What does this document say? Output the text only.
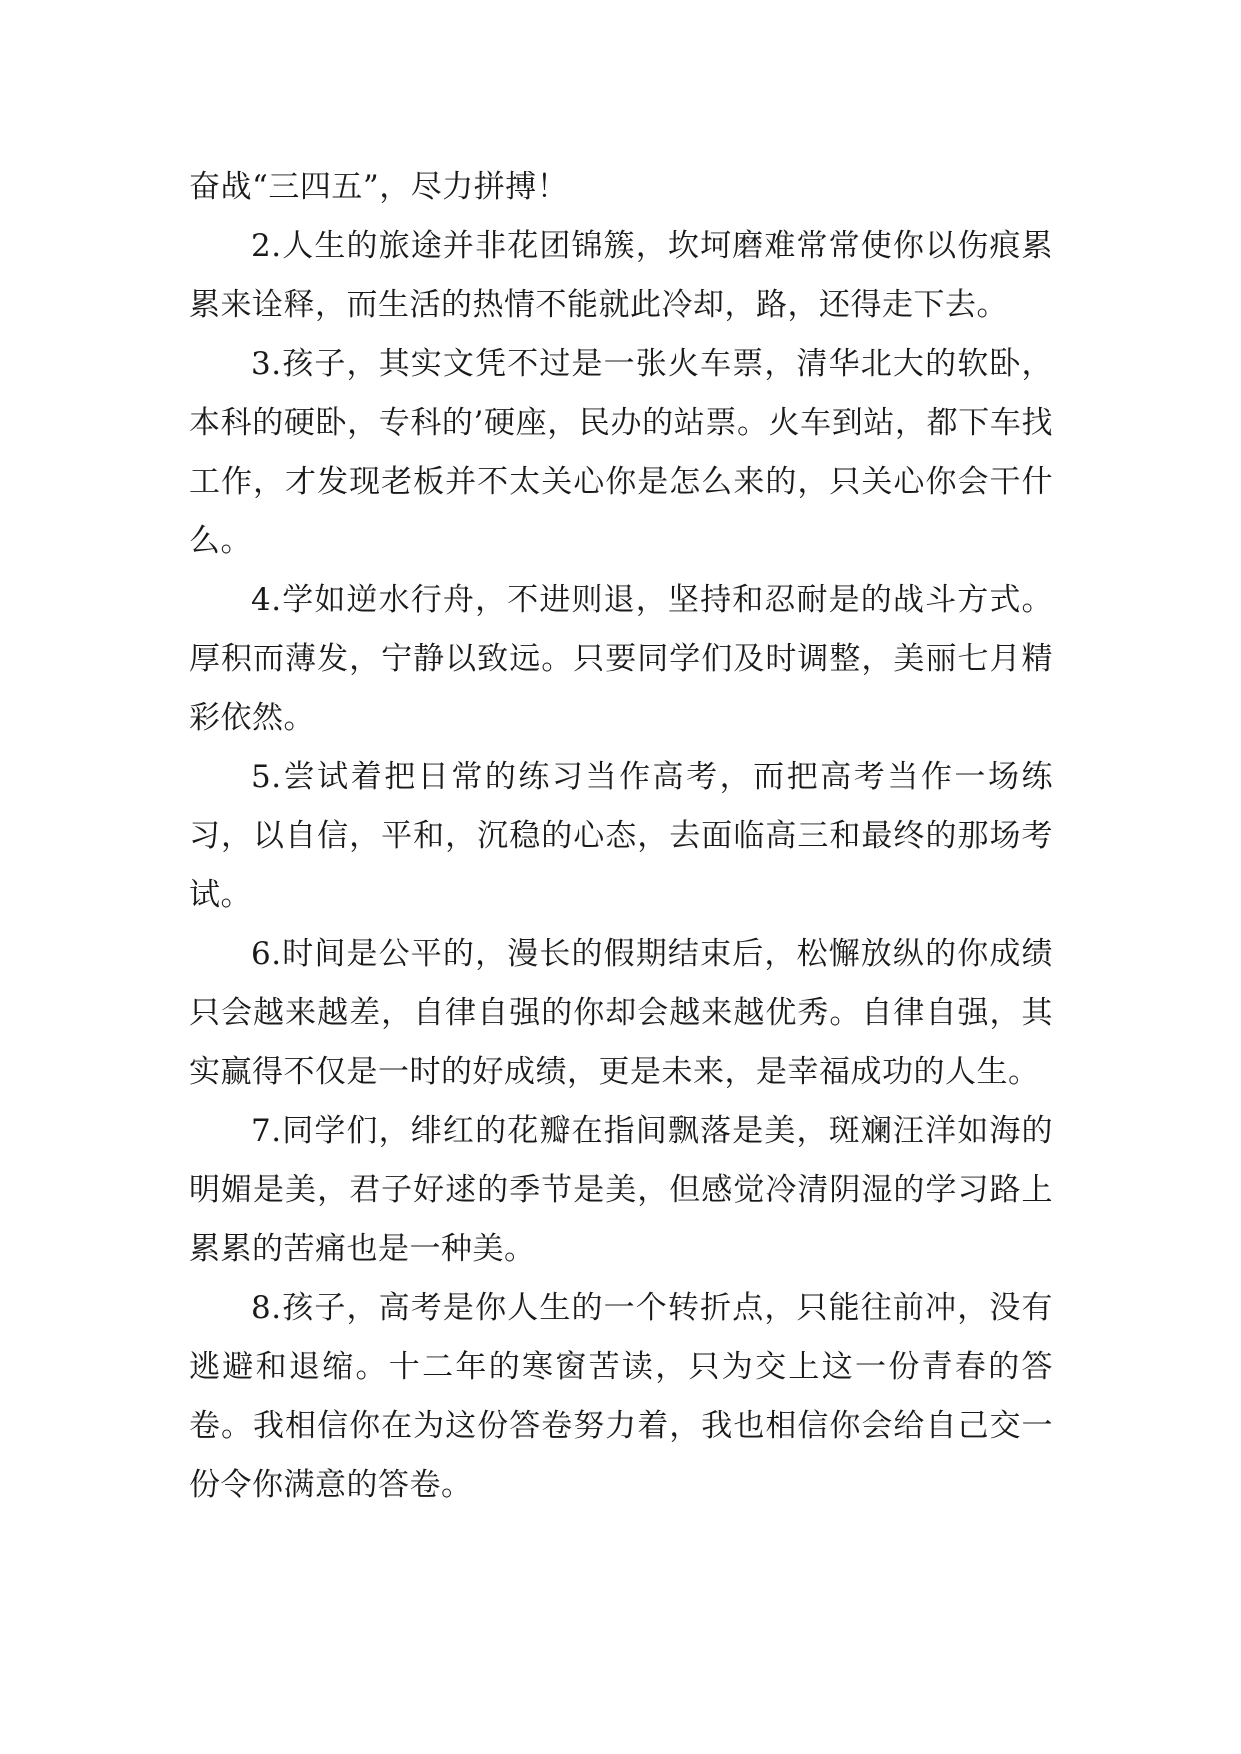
奋战“三四五”，尽力拼搏！

2.人生的旅途并非花团锦簇，坎坷磨难常常使你以伤痕累累来诠释，而生活的热情不能就此冷却，路，还得走下去。

3.孩子，其实文凭不过是一张火车票，清华北大的软卧，本科的硬卧，专科的’硬座，民办的站票。火车到站，都下车找工作，才发现老板并不太关心你是怎么来的，只关心你会干什么。

4.学如逆水行舟，不进则退，坚持和忍耐是的战斗方式。厚积而薄发，宁静以致远。只要同学们及时调整，美丽七月精彩依然。

5.尝试着把日常的练习当作高考，而把高考当作一场练习，以自信，平和，沉稳的心态，去面临高三和最终的那场考试。

6.时间是公平的，漫长的假期结束后，松懈放纵的你成绩只会越来越差，自律自强的你却会越来越优秀。自律自强，其实赢得不仅是一时的好成绩，更是未来，是幸福成功的人生。

7.同学们，绯红的花瓣在指间飘落是美，斑斓汪洋如海的明媚是美，君子好逑的季节是美，但感觉冷清阴湿的学习路上累累的苦痛也是一种美。

8.孩子，高考是你人生的一个转折点，只能往前冲，没有逃避和退缩。十二年的寒窗苦读，只为交上这一份青春的答卷。我相信你在为这份答卷努力着，我也相信你会给自己交一份令你满意的答卷。
